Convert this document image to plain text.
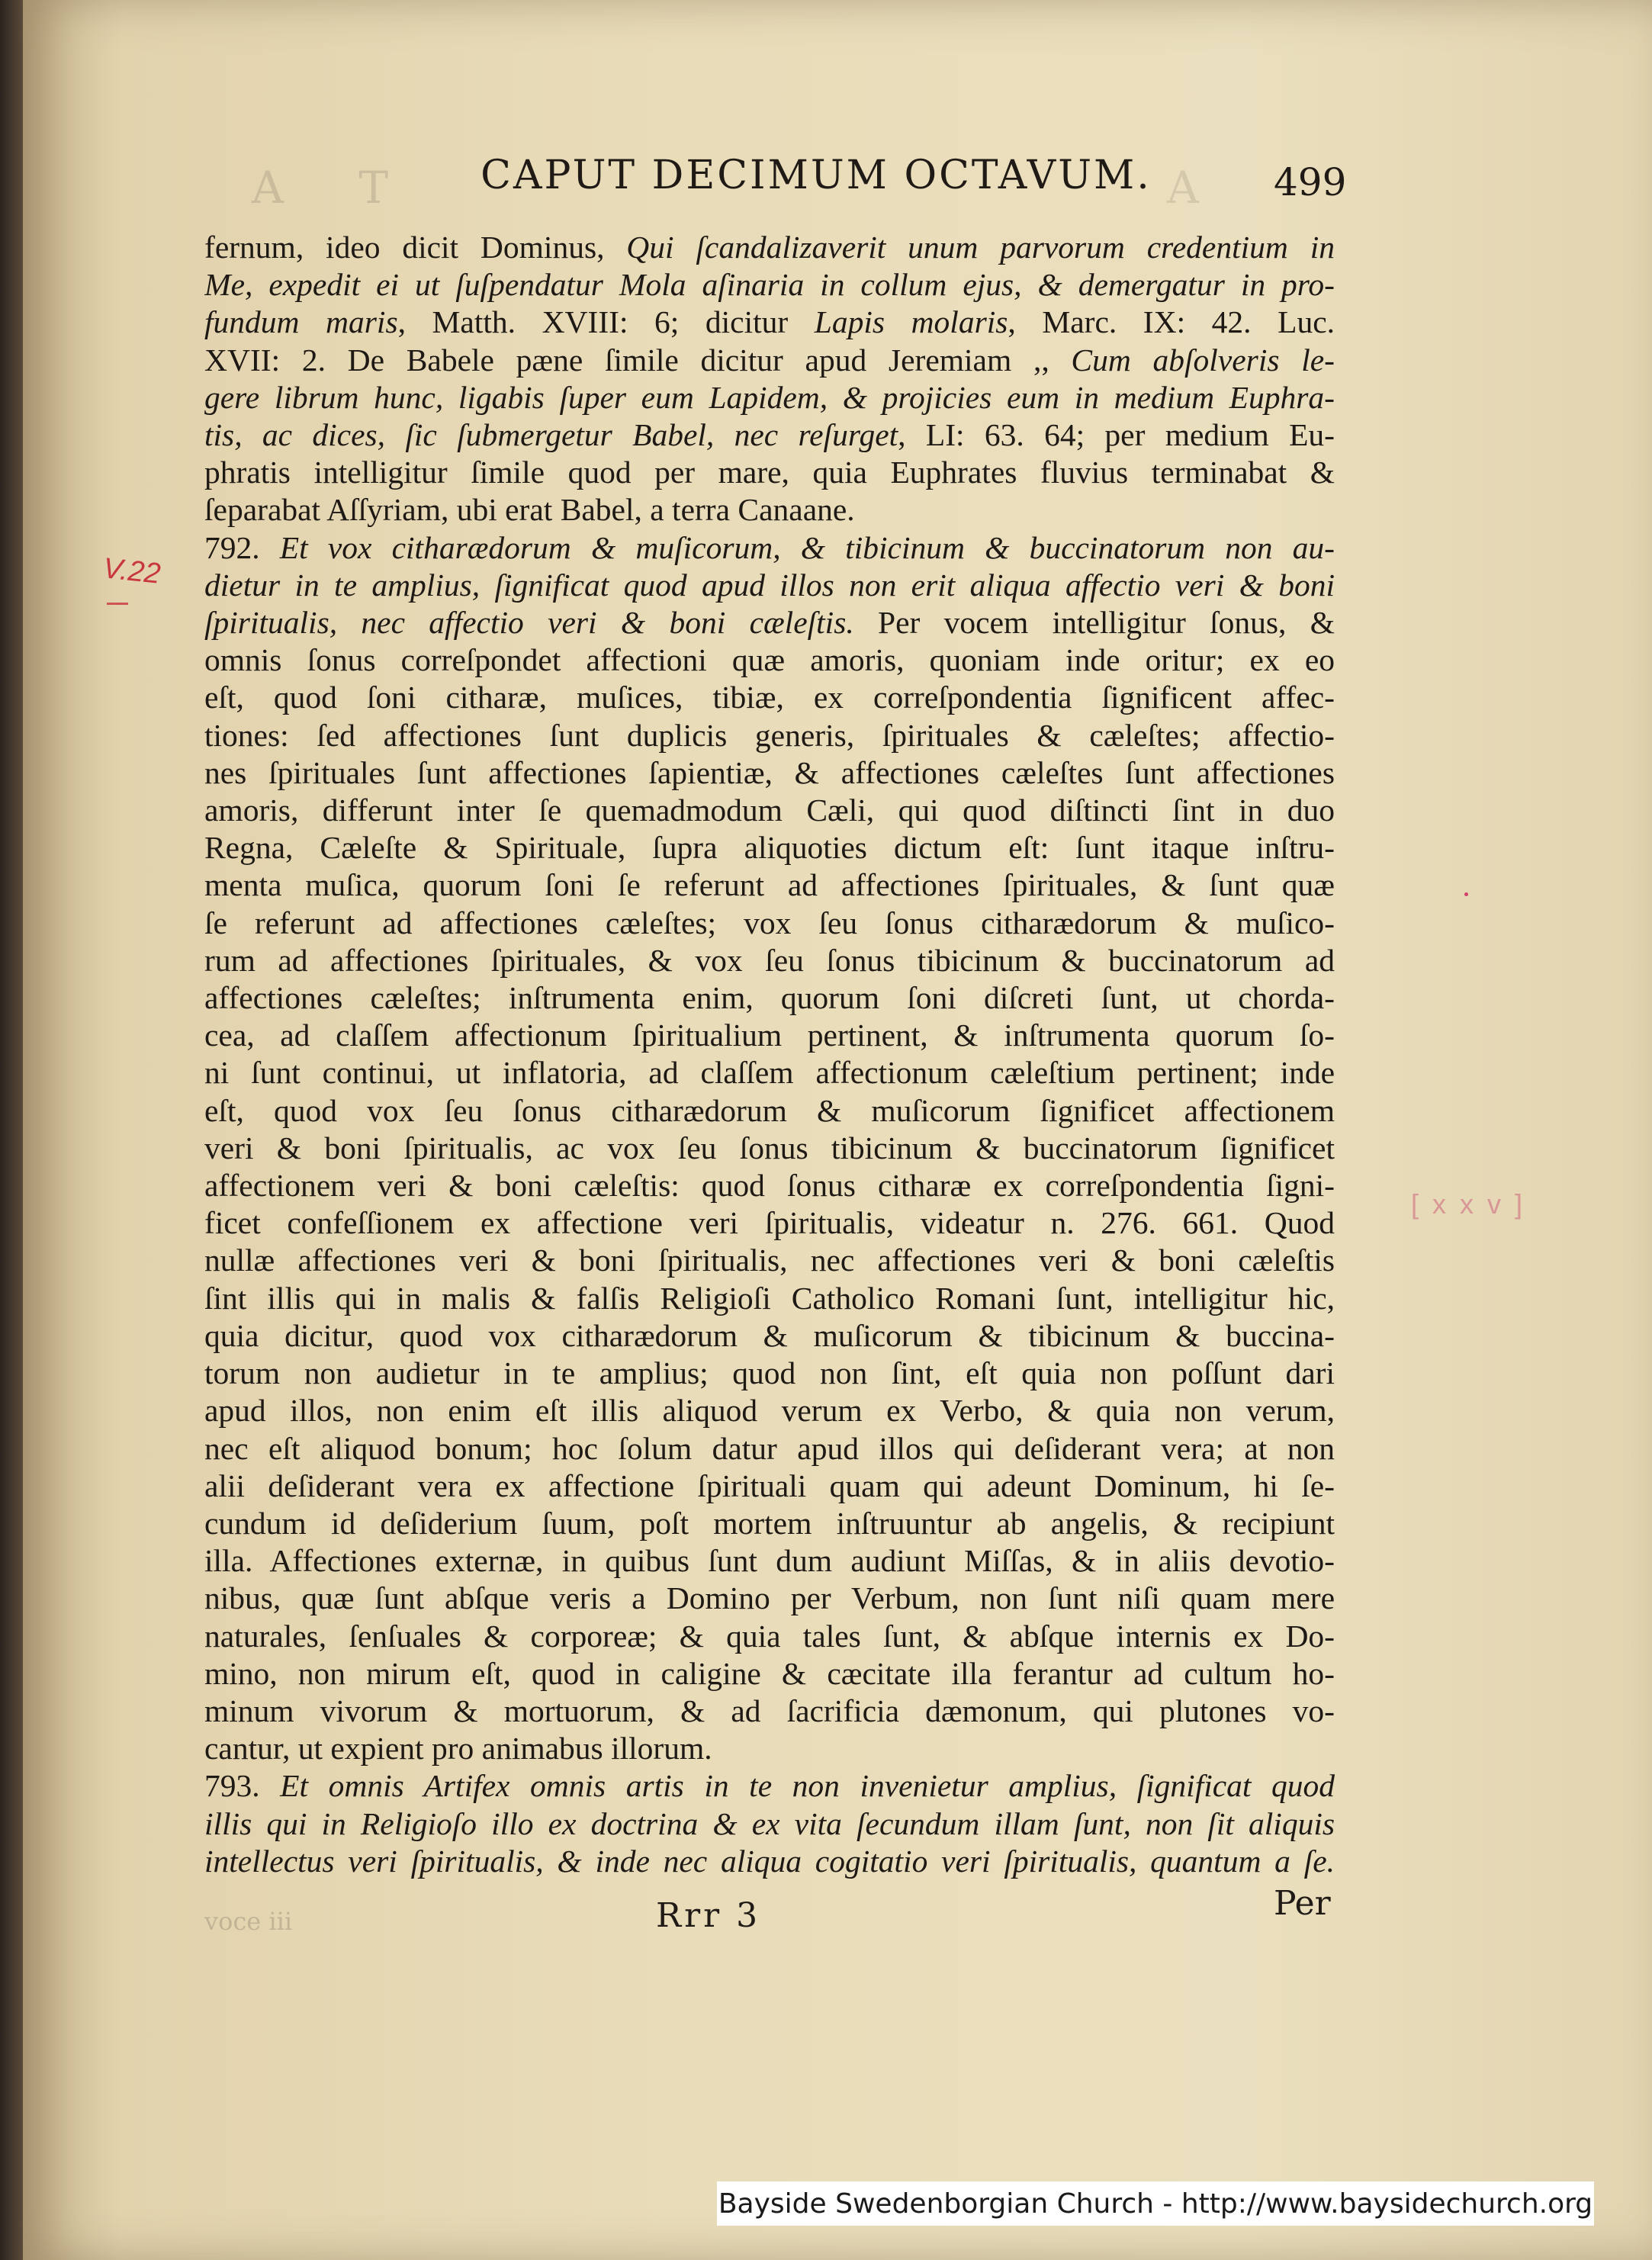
A T	A
CAPUT DECIMUM OCTAVUM.	499
V.22
[ x x v ]
fernum, ideo dicit Dominus, Qui ſcandalizaverit unum parvorum credentium in
Me, expedit ei ut ſuſpendatur Mola aſinaria in collum ejus, & demergatur in pro-
fundum maris, Matth. XVIII: 6; dicitur Lapis molaris, Marc. IX: 42. Luc.
XVII: 2. De Babele pæne ſimile dicitur apud Jeremiam ,, Cum abſolveris le-
gere librum hunc, ligabis ſuper eum Lapidem, & projicies eum in medium Euphra-
tis, ac dices, ſic ſubmergetur Babel, nec reſurget, LI: 63. 64; per medium Eu-
phratis intelligitur ſimile quod per mare, quia Euphrates fluvius terminabat &
ſeparabat Aſſyriam, ubi erat Babel, a terra Canaane.
792. Et vox citharædorum & muſicorum, & tibicinum & buccinatorum non au-
dietur in te amplius, ſignificat quod apud illos non erit aliqua affectio veri & boni
ſpiritualis, nec affectio veri & boni cæleſtis. Per vocem intelligitur ſonus, &
omnis ſonus correſpondet affectioni quæ amoris, quoniam inde oritur; ex eo
eſt, quod ſoni citharæ, muſices, tibiæ, ex correſpondentia ſignificent affec-
tiones: ſed affectiones ſunt duplicis generis, ſpirituales & cæleſtes; affectio-
nes ſpirituales ſunt affectiones ſapientiæ, & affectiones cæleſtes ſunt affectiones
amoris, differunt inter ſe quemadmodum Cæli, qui quod diſtincti ſint in duo
Regna, Cæleſte & Spirituale, ſupra aliquoties dictum eſt: ſunt itaque inſtru-
menta muſica, quorum ſoni ſe referunt ad affectiones ſpirituales, & ſunt quæ
ſe referunt ad affectiones cæleſtes; vox ſeu ſonus citharædorum & muſico-
rum ad affectiones ſpirituales, & vox ſeu ſonus tibicinum & buccinatorum ad
affectiones cæleſtes; inſtrumenta enim, quorum ſoni diſcreti ſunt, ut chorda-
cea, ad claſſem affectionum ſpiritualium pertinent, & inſtrumenta quorum ſo-
ni ſunt continui, ut inflatoria, ad claſſem affectionum cæleſtium pertinent; inde
eſt, quod vox ſeu ſonus citharædorum & muſicorum ſignificet affectionem
veri & boni ſpiritualis, ac vox ſeu ſonus tibicinum & buccinatorum ſignificet
affectionem veri & boni cæleſtis: quod ſonus citharæ ex correſpondentia ſigni-
ficet confeſſionem ex affectione veri ſpiritualis, videatur n. 276. 661. Quod
nullæ affectiones veri & boni ſpiritualis, nec affectiones veri & boni cæleſtis
ſint illis qui in malis & falſis Religioſi Catholico Romani ſunt, intelligitur hic,
quia dicitur, quod vox citharædorum & muſicorum & tibicinum & buccina-
torum non audietur in te amplius; quod non ſint, eſt quia non poſſunt dari
apud illos, non enim eſt illis aliquod verum ex Verbo, & quia non verum,
nec eſt aliquod bonum; hoc ſolum datur apud illos qui deſiderant vera; at non
alii deſiderant vera ex affectione ſpirituali quam qui adeunt Dominum, hi ſe-
cundum id deſiderium ſuum, poſt mortem inſtruuntur ab angelis, & recipiunt
illa. Affectiones externæ, in quibus ſunt dum audiunt Miſſas, & in aliis devotio-
nibus, quæ ſunt abſque veris a Domino per Verbum, non ſunt niſi quam mere
naturales, ſenſuales & corporeæ; & quia tales ſunt, & abſque internis ex Do-
mino, non mirum eſt, quod in caligine & cæcitate illa ferantur ad cultum ho-
minum vivorum & mortuorum, & ad ſacrificia dæmonum, qui plutones vo-
cantur, ut expient pro animabus illorum.
793. Et omnis Artifex omnis artis in te non invenietur amplius, ſignificat quod
illis qui in Religioſo illo ex doctrina & ex vita ſecundum illam ſunt, non ſit aliquis
intellectus veri ſpiritualis, & inde nec aliqua cogitatio veri ſpiritualis, quantum a ſe.
voce iii	Rrr 3	Per
Bayside Swedenborgian Church - http://www.baysidechurch.org
